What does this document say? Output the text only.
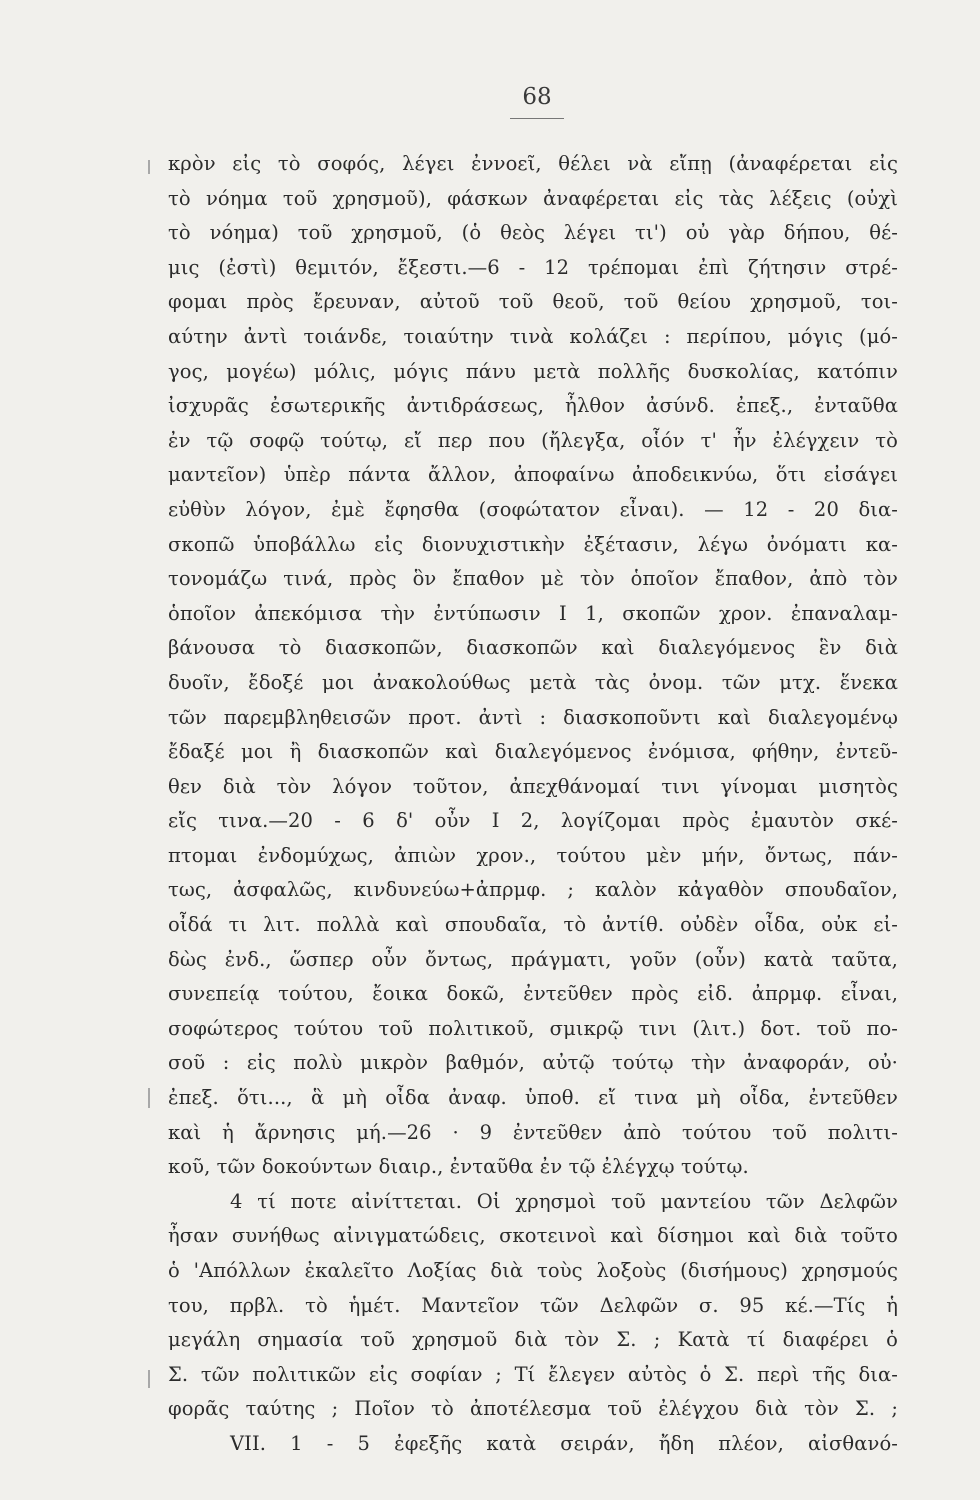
68
κρὸν εἰς τὸ σοφός, λέγει ἐννοεῖ, θέλει νὰ εἴπῃ (ἀναφέρεται εἰς
τὸ νόημα τοῦ χρησμοῦ), φάσκων ἀναφέρεται εἰς τὰς λέξεις (οὐχὶ
τὸ νόημα) τοῦ χρησμοῦ, (ὁ θεὸς λέγει τι') οὐ γὰρ δήπου, θέ-
μις (ἐστὶ) θεμιτόν, ἔξεστι.—6 - 12 τρέπομαι ἐπὶ ζήτησιν στρέ-
φομαι πρὸς ἔρευναν, αὐτοῦ τοῦ θεοῦ, τοῦ θείου χρησμοῦ, τοι-
αύτην ἀντὶ τοιάνδε, τοιαύτην τινὰ κολάζει : περίπου, μόγις (μό-
γος, μογέω) μόλις, μόγις πάνυ μετὰ πολλῆς δυσκολίας, κατόπιν
ἰσχυρᾶς ἐσωτερικῆς ἀντιδράσεως, ἦλθον ἀσύνδ. ἐπεξ., ἐνταῦθα
ἐν τῷ σοφῷ τούτῳ, εἴ περ που (ἤλεγξα, οἷόν τ' ἦν ἐλέγχειν τὸ
μαντεῖον) ὑπὲρ πάντα ἄλλον, ἀποφαίνω ἀποδεικνύω, ὅτι εἰσάγει
εὐθὺν λόγον, ἐμὲ ἔφησθα (σοφώτατον εἶναι). — 12 - 20 δια-
σκοπῶ ὑποβάλλω εἰς διονυχιστικὴν ἐξέτασιν, λέγω ὀνόματι κα-
τονομάζω τινά, πρὸς ὃν ἔπαθον μὲ τὸν ὁποῖον ἔπαθον, ἀπὸ τὸν
ὁποῖον ἀπεκόμισα τὴν ἐντύπωσιν Ι 1, σκοπῶν χρον. ἐπαναλαμ-
βάνουσα τὸ διασκοπῶν, διασκοπῶν καὶ διαλεγόμενος ἓν διὰ
δυοῖν, ἔδοξέ μοι ἀνακολούθως μετὰ τὰς ὀνομ. τῶν μτχ. ἕνεκα
τῶν παρεμβληθεισῶν προτ. ἀντὶ : διασκοποῦντι καὶ διαλεγομένῳ
ἔδαξέ μοι ἢ διασκοπῶν καὶ διαλεγόμενος ἐνόμισα, φήθην, ἐντεῦ-
θεν διὰ τὸν λόγον τοῦτον, ἀπεχθάνομαί τινι γίνομαι μισητὸς
εἴς τινα.—20 - 6 δ' οὖν Ι 2, λογίζομαι πρὸς ἐμαυτὸν σκέ-
πτομαι ἐνδομύχως, ἀπιὼν χρον., τούτου μὲν μήν, ὄντως, πάν-
τως, ἀσφαλῶς, κινδυνεύω+ἀπρμφ. ; καλὸν κἀγαθὸν σπουδαῖον,
οἶδά τι λιτ. πολλὰ καὶ σπουδαῖα, τὸ ἀντίθ. οὐδὲν οἶδα, οὐκ εἰ-
δὼς ἐνδ., ὥσπερ οὖν ὄντως, πράγματι, γοῦν (οὖν) κατὰ ταῦτα,
συνεπείᾳ τούτου, ἔοικα δοκῶ, ἐντεῦθεν πρὸς εἰδ. ἀπρμφ. εἶναι,
σοφώτερος τούτου τοῦ πολιτικοῦ, σμικρῷ τινι (λιτ.) δοτ. τοῦ πο-
σοῦ : εἰς πολὺ μικρὸν βαθμόν, αὐτῷ τούτῳ τὴν ἀναφοράν, οὐ·
ἐπεξ. ὅτι..., ἃ μὴ οἶδα ἀναφ. ὑποθ. εἴ τινα μὴ οἶδα, ἐντεῦθεν
καὶ ἡ ἄρνησις μή.—26 · 9 ἐντεῦθεν ἀπὸ τούτου τοῦ πολιτι-
κοῦ, τῶν δοκούντων διαιρ., ἐνταῦθα ἐν τῷ ἐλέγχῳ τούτῳ.
4 τί ποτε αἰνίττεται. Οἱ χρησμοὶ τοῦ μαντείου τῶν Δελφῶν
ἦσαν συνήθως αἰνιγματώδεις, σκοτεινοὶ καὶ δίσημοι καὶ διὰ τοῦτο
ὁ 'Απόλλων ἐκαλεῖτο Λοξίας διὰ τοὺς λοξοὺς (δισήμους) χρησμούς
του, πρβλ. τὸ ἡμέτ. Μαντεῖον τῶν Δελφῶν σ. 95 κέ.—Τίς ἡ
μεγάλη σημασία τοῦ χρησμοῦ διὰ τὸν Σ. ; Κατὰ τί διαφέρει ὁ
Σ. τῶν πολιτικῶν εἰς σοφίαν ; Τί ἔλεγεν αὐτὸς ὁ Σ. περὶ τῆς δια-
φορᾶς ταύτης ; Ποῖον τὸ ἀποτέλεσμα τοῦ ἐλέγχου διὰ τὸν Σ. ;
VII. 1 - 5 ἐφεξῆς κατὰ σειράν, ἤδη πλέον, αἰσθανό-
